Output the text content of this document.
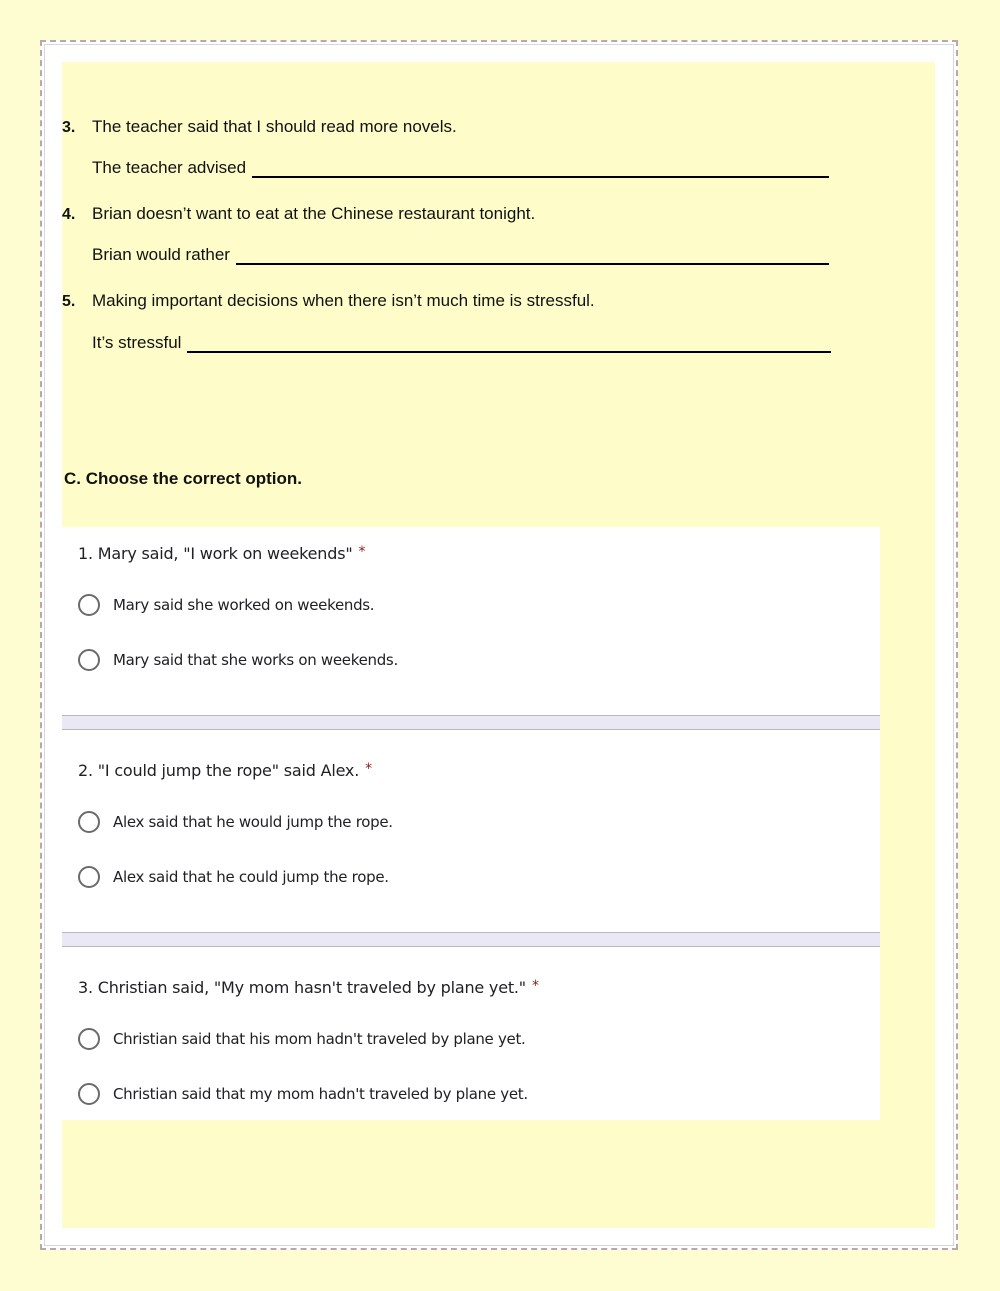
3. The teacher said that I should read more novels.
The teacher advised
4. Brian doesn’t want to eat at the Chinese restaurant tonight.
Brian would rather
5. Making important decisions when there isn’t much time is stressful.
It’s stressful
C. Choose the correct option.
1. Mary said, "I work on weekends" *
Mary said she worked on weekends.
Mary said that she works on weekends.
2. "I could jump the rope" said Alex. *
Alex said that he would jump the rope.
Alex said that he could jump the rope.
3. Christian said, "My mom hasn't traveled by plane yet." *
Christian said that his mom hadn't traveled by plane yet.
Christian said that my mom hadn't traveled by plane yet.
